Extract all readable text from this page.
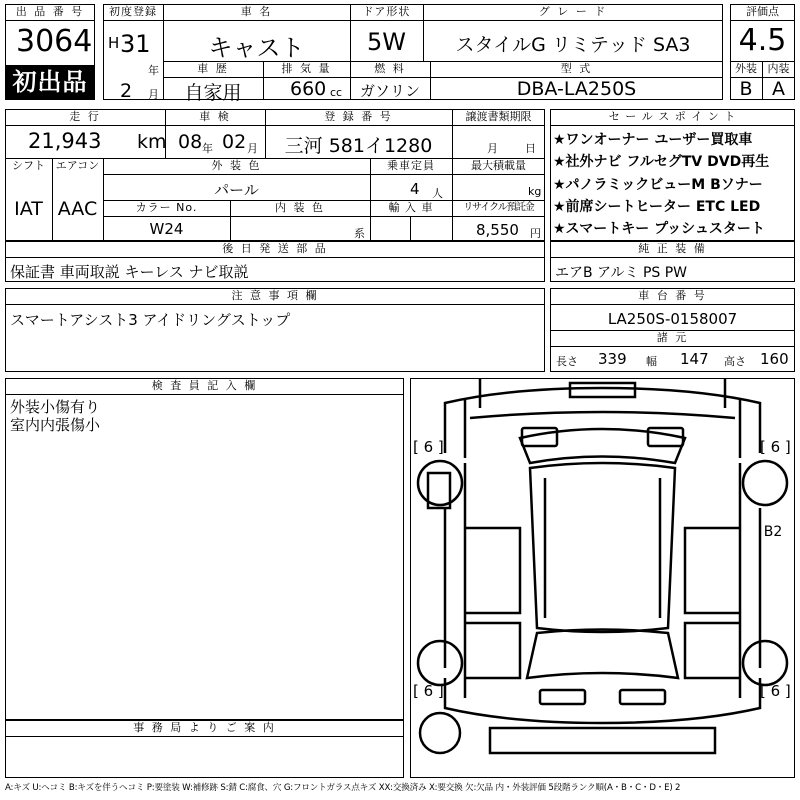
出 品 番 号
3064
初出品
初度登録
H 31
年
2 月
車 名
キャスト
ドア形状
5W
グ レ ー ド
スタイルG リミテッド SA3
車 歴
自家用
排 気 量
660 cc
燃 料
ガソリン
型 式
DBA-LA250S
評価点
4.5
外装 内装
B	A
走 行
21,943 km
車 検
08 年 02 月
登 録 番 号
三河 581イ1280
譲渡書類期限
月 日
シフト
IAT
エアコン
AAC
外 装 色
パール
乗車定員
4 人
最大積載量
kg
カラー No.
W24
内 装 色
系
輸 入 車	リサイクル預託金
8,550 円
セ ー ル ス ポ イ ン ト
★ワンオーナー ユーザー買取車
★社外ナビ フルセグTV DVD再生
★パノラミックビューM Bソナー
★前席シートヒーター ETC LED
★スマートキー プッシュスタート
後 日 発 送 部 品
保証書 車両取説 キーレス ナビ取説
純 正 装 備
エアB アルミ PS PW
注 意 事 項 欄
スマートアシスト3 アイドリングストップ
車 台 番 号
LA250S-0158007
諸 元
長さ 339 幅 147 高さ 160
検 査 員 記 入 欄
外装小傷有り
室内内張傷小
事 務 局 よ り ご 案 内
[ 6 ]	[ 6 ]
[ 6 ]	[ 6 ]
B2
A:キズ U:ヘコミ B:キズを伴うヘコミ P:要塗装 W:補修跡 S:錆 C:腐食、穴 G:フロントガラス点キズ XX:交換済み X:要交換 欠:欠品 内・外装評価 5段階ランク順(A・B・C・D・E) 2
